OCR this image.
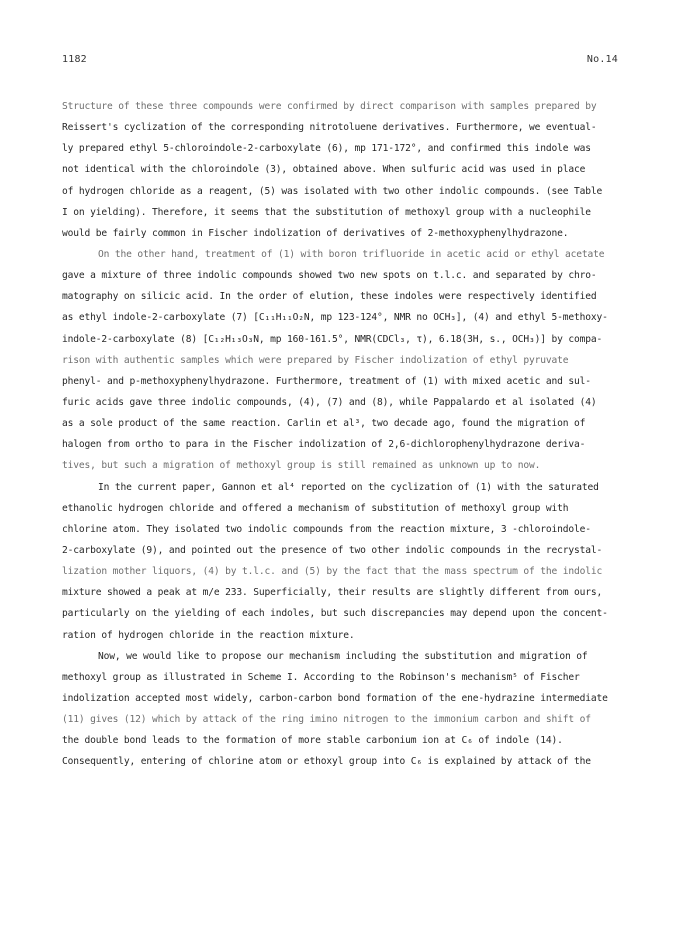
1182	No.14
Structure of these three compounds were confirmed by direct comparison with samples prepared by
Reissert's cyclization of the corresponding nitrotoluene derivatives. Furthermore, we eventual-
ly prepared ethyl 5-chloroindole-2-carboxylate (6), mp 171-172°, and confirmed this indole was
not identical with the chloroindole (3), obtained above. When sulfuric acid was used in place
of hydrogen chloride as a reagent, (5) was isolated with two other indolic compounds. (see Table
I on yielding). Therefore, it seems that the substitution of methoxyl group with a nucleophile
would be fairly common in Fischer indolization of derivatives of 2-methoxyphenylhydrazone.
On the other hand, treatment of (1) with boron trifluoride in acetic acid or ethyl acetate
gave a mixture of three indolic compounds showed two new spots on t.l.c. and separated by chro-
matography on silicic acid. In the order of elution, these indoles were respectively identified
as ethyl indole-2-carboxylate (7) [C₁₁H₁₁O₂N, mp 123-124°, NMR no OCH₃], (4) and ethyl 5-methoxy-
indole-2-carboxylate (8) [C₁₂H₁₃O₃N, mp 160-161.5°, NMR(CDCl₃, τ), 6.18(3H, s., OCH₃)] by compa-
rison with authentic samples which were prepared by Fischer indolization of ethyl pyruvate
phenyl- and p-methoxyphenylhydrazone. Furthermore, treatment of (1) with mixed acetic and sul-
furic acids gave three indolic compounds, (4), (7) and (8), while Pappalardo et al isolated (4)
as a sole product of the same reaction. Carlin et al³, two decade ago, found the migration of
halogen from ortho to para in the Fischer indolization of 2,6-dichlorophenylhydrazone deriva-
tives, but such a migration of methoxyl group is still remained as unknown up to now.
In the current paper, Gannon et al⁴ reported on the cyclization of (1) with the saturated
ethanolic hydrogen chloride and offered a mechanism of substitution of methoxyl group with
chlorine atom. They isolated two indolic compounds from the reaction mixture, 3 -chloroindole-
2-carboxylate (9), and pointed out the presence of two other indolic compounds in the recrystal-
lization mother liquors, (4) by t.l.c. and (5) by the fact that the mass spectrum of the indolic
mixture showed a peak at m/e 233. Superficially, their results are slightly different from ours,
particularly on the yielding of each indoles, but such discrepancies may depend upon the concent-
ration of hydrogen chloride in the reaction mixture.
Now, we would like to propose our mechanism including the substitution and migration of
methoxyl group as illustrated in Scheme I. According to the Robinson's mechanism⁵ of Fischer
indolization accepted most widely, carbon-carbon bond formation of the ene-hydrazine intermediate
(11) gives (12) which by attack of the ring imino nitrogen to the immonium carbon and shift of
the double bond leads to the formation of more stable carbonium ion at C₆ of indole (14).
Consequently, entering of chlorine atom or ethoxyl group into C₆ is explained by attack of the
